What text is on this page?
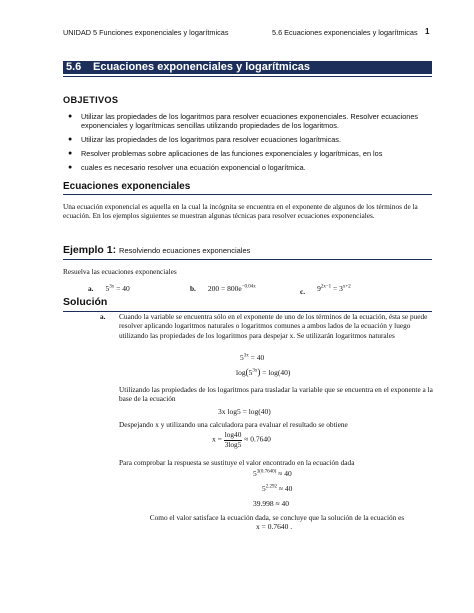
UNIDAD 5 Funciones exponenciales y logarítmicas	5.6 Ecuaciones exponenciales y logarítmicas 1
5.6 Ecuaciones exponenciales y logarítmicas
OBJETIVOS
● Utilizar las propiedades de los logaritmos para resolver ecuaciones exponenciales. Resolver ecuaciones exponenciales y logarítmicas sencillas utilizando propiedades de los logaritmos.
● Utilizar las propiedades de los logaritmos para resolver ecuaciones logarítmicas.
● Resolver problemas sobre aplicaciones de las funciones exponenciales y logarítmicas, en los
● cuales es necesario resolver una ecuación exponencial o logarítmica.
Ecuaciones exponenciales
Una ecuación exponencial es aquella en la cual la incógnita se encuentra en el exponente de algunos de los términos de la ecuación. En los ejemplos siguientes se muestran algunas técnicas para resolver ecuaciones exponenciales.
Ejemplo 1: Resolviendo ecuaciones exponenciales
Resuelva las ecuaciones exponenciales
a. $5^{3x} = 40$	b. $200 = 800e^{-0.04x}$	c. $9^{2x-1} = 3^{x+2}$
Solución
a. Cuando la variable se encuentra sólo en el exponente de uno de los términos de la ecuación, ésta se puede resolver aplicando logaritmos naturales o logaritmos comunes a ambos lados de la ecuación y luego utilizando las propiedades de los logaritmos para despejar x. Se utilizarán logaritmos naturales
$5^{3x} = 40$
$\log(5^{3x}) = \log(40)$
Utilizando las propiedades de los logaritmos para trasladar la variable que se encuentra en el exponente a la base de la ecuación
3x log5 = log(40)
Despejando x y utilizando una calculadora para evaluar el resultado se obtiene
$x = \frac{\log 40}{3\log 5} \approx 0.7640$
Para comprobar la respuesta se sustituye el valor encontrado en la ecuación dada
$5^{3(0.7640)} \approx 40$
$5^{2.292} \approx 40$
39.998 ≈ 40
Como el valor satisface la ecuación dada, se concluye que la solución de la ecuación es
x = 0.7640 .
